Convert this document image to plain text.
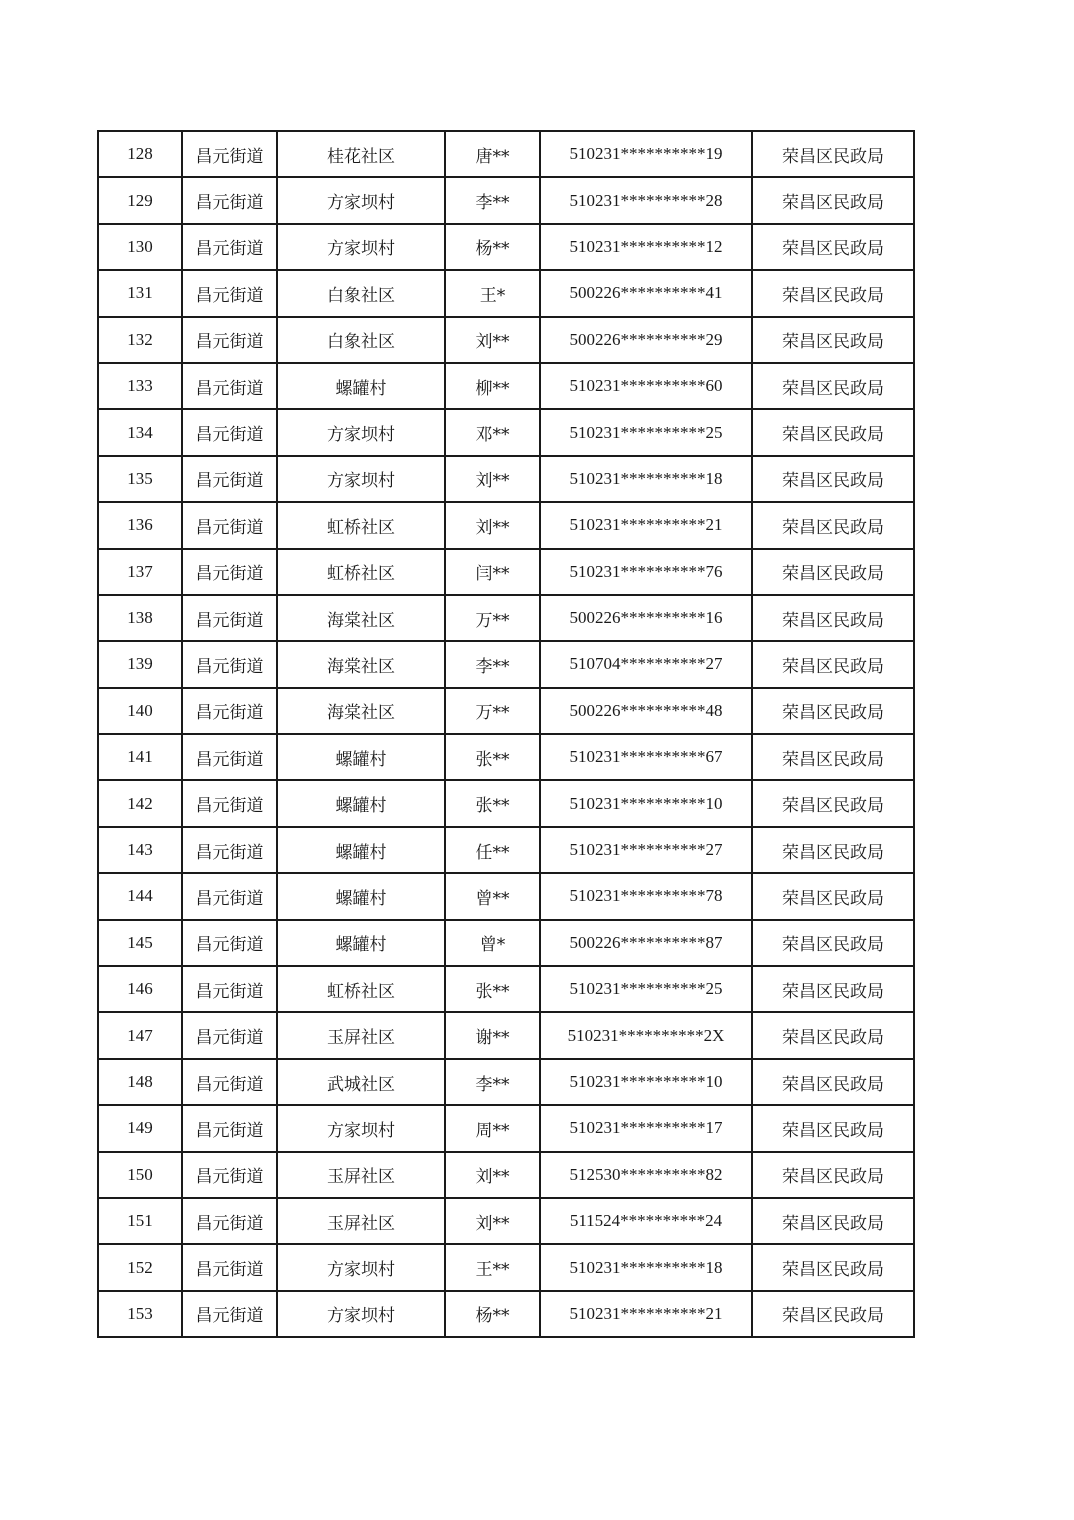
128	昌元街道	桂花社区	唐**	510231**********19	荣昌区民政局
129	昌元街道	方家坝村	李**	510231**********28	荣昌区民政局
130	昌元街道	方家坝村	杨**	510231**********12	荣昌区民政局
131	昌元街道	白象社区	王*	500226**********41	荣昌区民政局
132	昌元街道	白象社区	刘**	500226**********29	荣昌区民政局
133	昌元街道	螺罐村	柳**	510231**********60	荣昌区民政局
134	昌元街道	方家坝村	邓**	510231**********25	荣昌区民政局
135	昌元街道	方家坝村	刘**	510231**********18	荣昌区民政局
136	昌元街道	虹桥社区	刘**	510231**********21	荣昌区民政局
137	昌元街道	虹桥社区	闫**	510231**********76	荣昌区民政局
138	昌元街道	海棠社区	万**	500226**********16	荣昌区民政局
139	昌元街道	海棠社区	李**	510704**********27	荣昌区民政局
140	昌元街道	海棠社区	万**	500226**********48	荣昌区民政局
141	昌元街道	螺罐村	张**	510231**********67	荣昌区民政局
142	昌元街道	螺罐村	张**	510231**********10	荣昌区民政局
143	昌元街道	螺罐村	任**	510231**********27	荣昌区民政局
144	昌元街道	螺罐村	曾**	510231**********78	荣昌区民政局
145	昌元街道	螺罐村	曾*	500226**********87	荣昌区民政局
146	昌元街道	虹桥社区	张**	510231**********25	荣昌区民政局
147	昌元街道	玉屏社区	谢**	510231**********2X	荣昌区民政局
148	昌元街道	武城社区	李**	510231**********10	荣昌区民政局
149	昌元街道	方家坝村	周**	510231**********17	荣昌区民政局
150	昌元街道	玉屏社区	刘**	512530**********82	荣昌区民政局
151	昌元街道	玉屏社区	刘**	511524**********24	荣昌区民政局
152	昌元街道	方家坝村	王**	510231**********18	荣昌区民政局
153	昌元街道	方家坝村	杨**	510231**********21	荣昌区民政局
